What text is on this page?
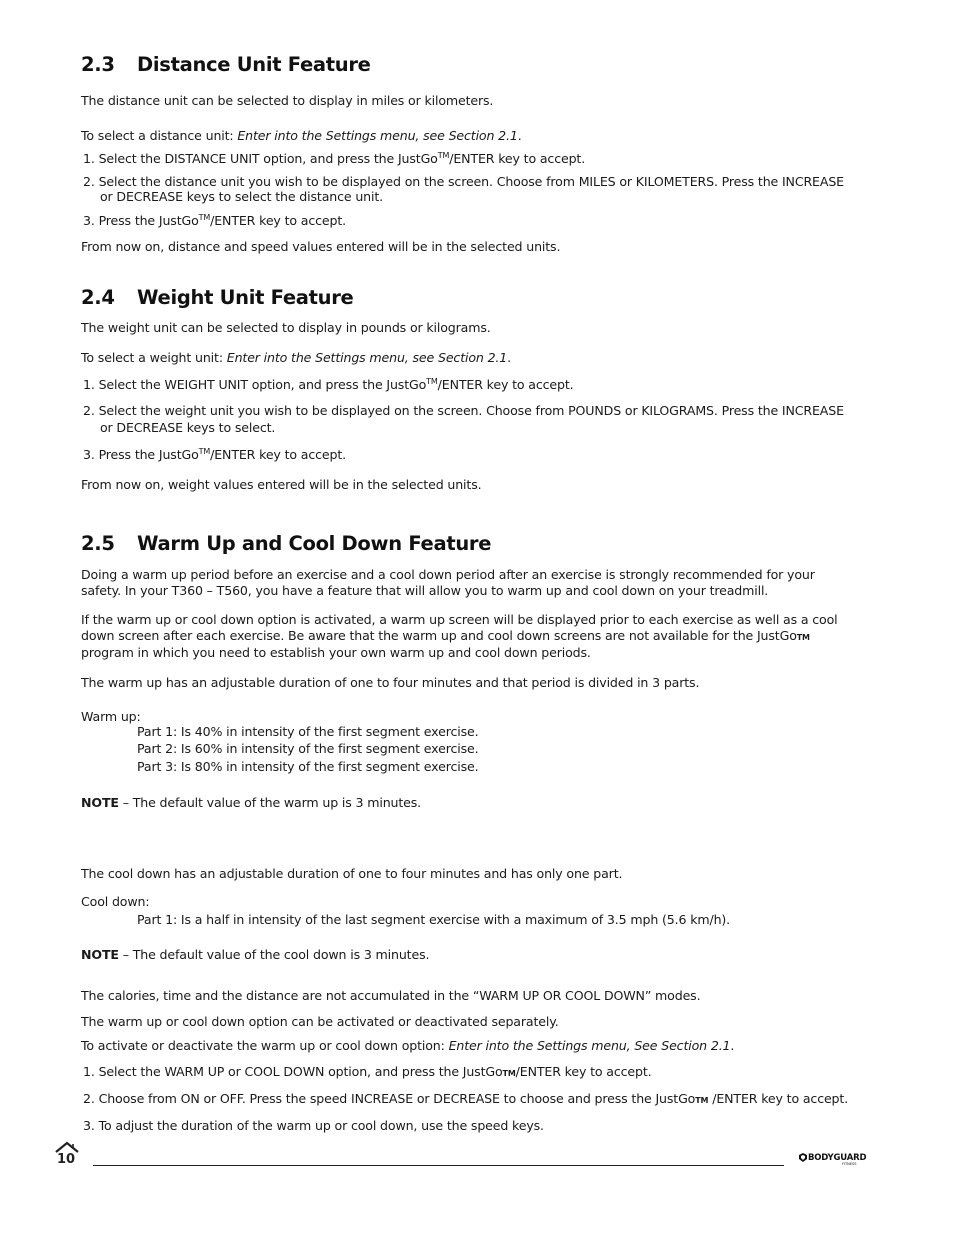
2.3 Distance Unit Feature
The distance unit can be selected to display in miles or kilometers.
To select a distance unit: Enter into the Settings menu, see Section 2.1.
1. Select the DISTANCE UNIT option, and press the JustGo™/ENTER key to accept.
2. Select the distance unit you wish to be displayed on the screen. Choose from MILES or KILOMETERS. Press the INCREASE
or DECREASE keys to select the distance unit.
3. Press the JustGo™/ENTER key to accept.
From now on, distance and speed values entered will be in the selected units.
2.4 Weight Unit Feature
The weight unit can be selected to display in pounds or kilograms.
To select a weight unit: Enter into the Settings menu, see Section 2.1.
1. Select the WEIGHT UNIT option, and press the JustGo™/ENTER key to accept.
2. Select the weight unit you wish to be displayed on the screen. Choose from POUNDS or KILOGRAMS. Press the INCREASE
or DECREASE keys to select.
3. Press the JustGo™/ENTER key to accept.
From now on, weight values entered will be in the selected units.
2.5 Warm Up and Cool Down Feature
Doing a warm up period before an exercise and a cool down period after an exercise is strongly recommended for your
safety. In your T360 – T560, you have a feature that will allow you to warm up and cool down on your treadmill.
If the warm up or cool down option is activated, a warm up screen will be displayed prior to each exercise as well as a cool
down screen after each exercise. Be aware that the warm up and cool down screens are not available for the JustGoTM
program in which you need to establish your own warm up and cool down periods.
The warm up has an adjustable duration of one to four minutes and that period is divided in 3 parts.
Warm up:
Part 1: Is 40% in intensity of the first segment exercise.
Part 2: Is 60% in intensity of the first segment exercise.
Part 3: Is 80% in intensity of the first segment exercise.
NOTE – The default value of the warm up is 3 minutes.
The cool down has an adjustable duration of one to four minutes and has only one part.
Cool down:
Part 1: Is a half in intensity of the last segment exercise with a maximum of 3.5 mph (5.6 km/h).
NOTE – The default value of the cool down is 3 minutes.
The calories, time and the distance are not accumulated in the “WARM UP OR COOL DOWN” modes.
The warm up or cool down option can be activated or deactivated separately.
To activate or deactivate the warm up or cool down option: Enter into the Settings menu, See Section 2.1.
1. Select the WARM UP or COOL DOWN option, and press the JustGoTM/ENTER key to accept.
2. Choose from ON or OFF. Press the speed INCREASE or DECREASE to choose and press the JustGoTM /ENTER key to accept.
3. To adjust the duration of the warm up or cool down, use the speed keys.
10	BODYGUARD
FITNESS
